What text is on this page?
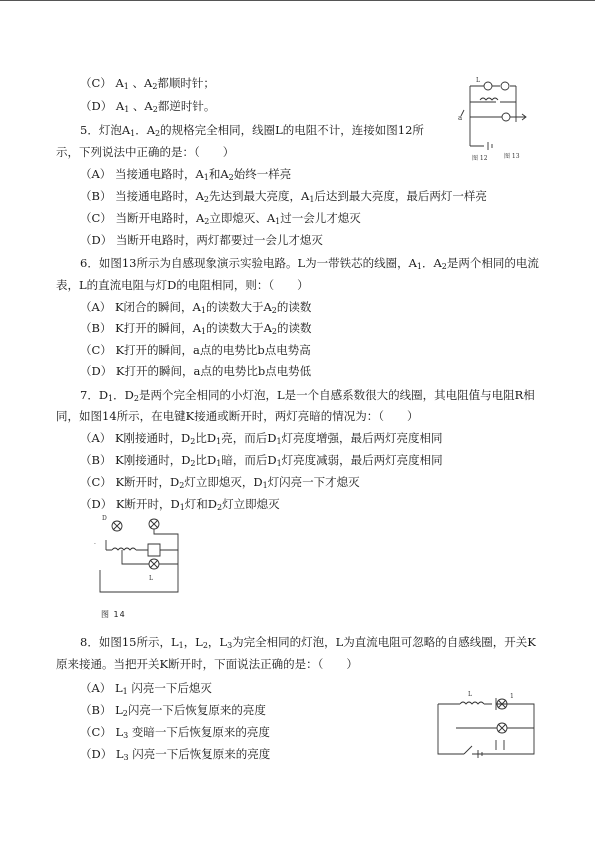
（C） $A_1$ 、$A_2$都顺时针；
（D） $A_1$ 、$A_2$都逆时针。
5．灯泡$A_1$．$A_2$的规格完全相同，线圈L的电阻不计，连接如图12所
示，下列说法中正确的是：（　　）
（A） 当接通电路时，$A_1$和$A_2$始终一样亮
（B） 当接通电路时，$A_2$先达到最大亮度，$A_1$后达到最大亮度，最后两灯一样亮
（C） 当断开电路时，$A_2$立即熄灭、$A_1$过一会儿才熄灭
（D） 当断开电路时，两灯都要过一会儿才熄灭
6．如图13所示为自感现象演示实验电路。L为一带铁芯的线圈，$A_1$．$A_2$是两个相同的电流
表，L的直流电阻与灯D的电阻相同，则：（　　）
（A） K闭合的瞬间，$A_1$的读数大于$A_2$的读数
（B） K打开的瞬间，$A_1$的读数大于$A_2$的读数
（C） K打开的瞬间，a点的电势比b点电势高
（D） K打开的瞬间，a点的电势比b点电势低
7．$D_1$．$D_2$是两个完全相同的小灯泡，L是一个自感系数很大的线圈，其电阻值与电阻R相
同，如图14所示，在电键K接通或断开时，两灯亮暗的情况为：（　　）
（A） K刚接通时，$D_2$比$D_1$亮，而后$D_1$灯亮度增强，最后两灯亮度相同
（B） K刚接通时，$D_2$比$D_1$暗，而后$D_1$灯亮度减弱，最后两灯亮度相同
（C） K断开时，$D_2$灯立即熄灭，$D_1$灯闪亮一下才熄灭
（D） K断开时，$D_1$灯和$D_2$灯立即熄灭
8．如图15所示，$L_1$，$L_2$，$L_3$为完全相同的灯泡，L为直流电阻可忽略的自感线圈，开关K
原来接通。当把开关K断开时，下面说法正确的是：（　　）
（A） $L_1$ 闪亮一下后熄灭
（B） $L_2$闪亮一下后恢复原来的亮度
（C） $L_3$ 变暗一下后恢复原来的亮度
（D） $L_3$ 闪亮一下后恢复原来的亮度
L
a
图 12	图 13
D
·
L
图 14
L	1
